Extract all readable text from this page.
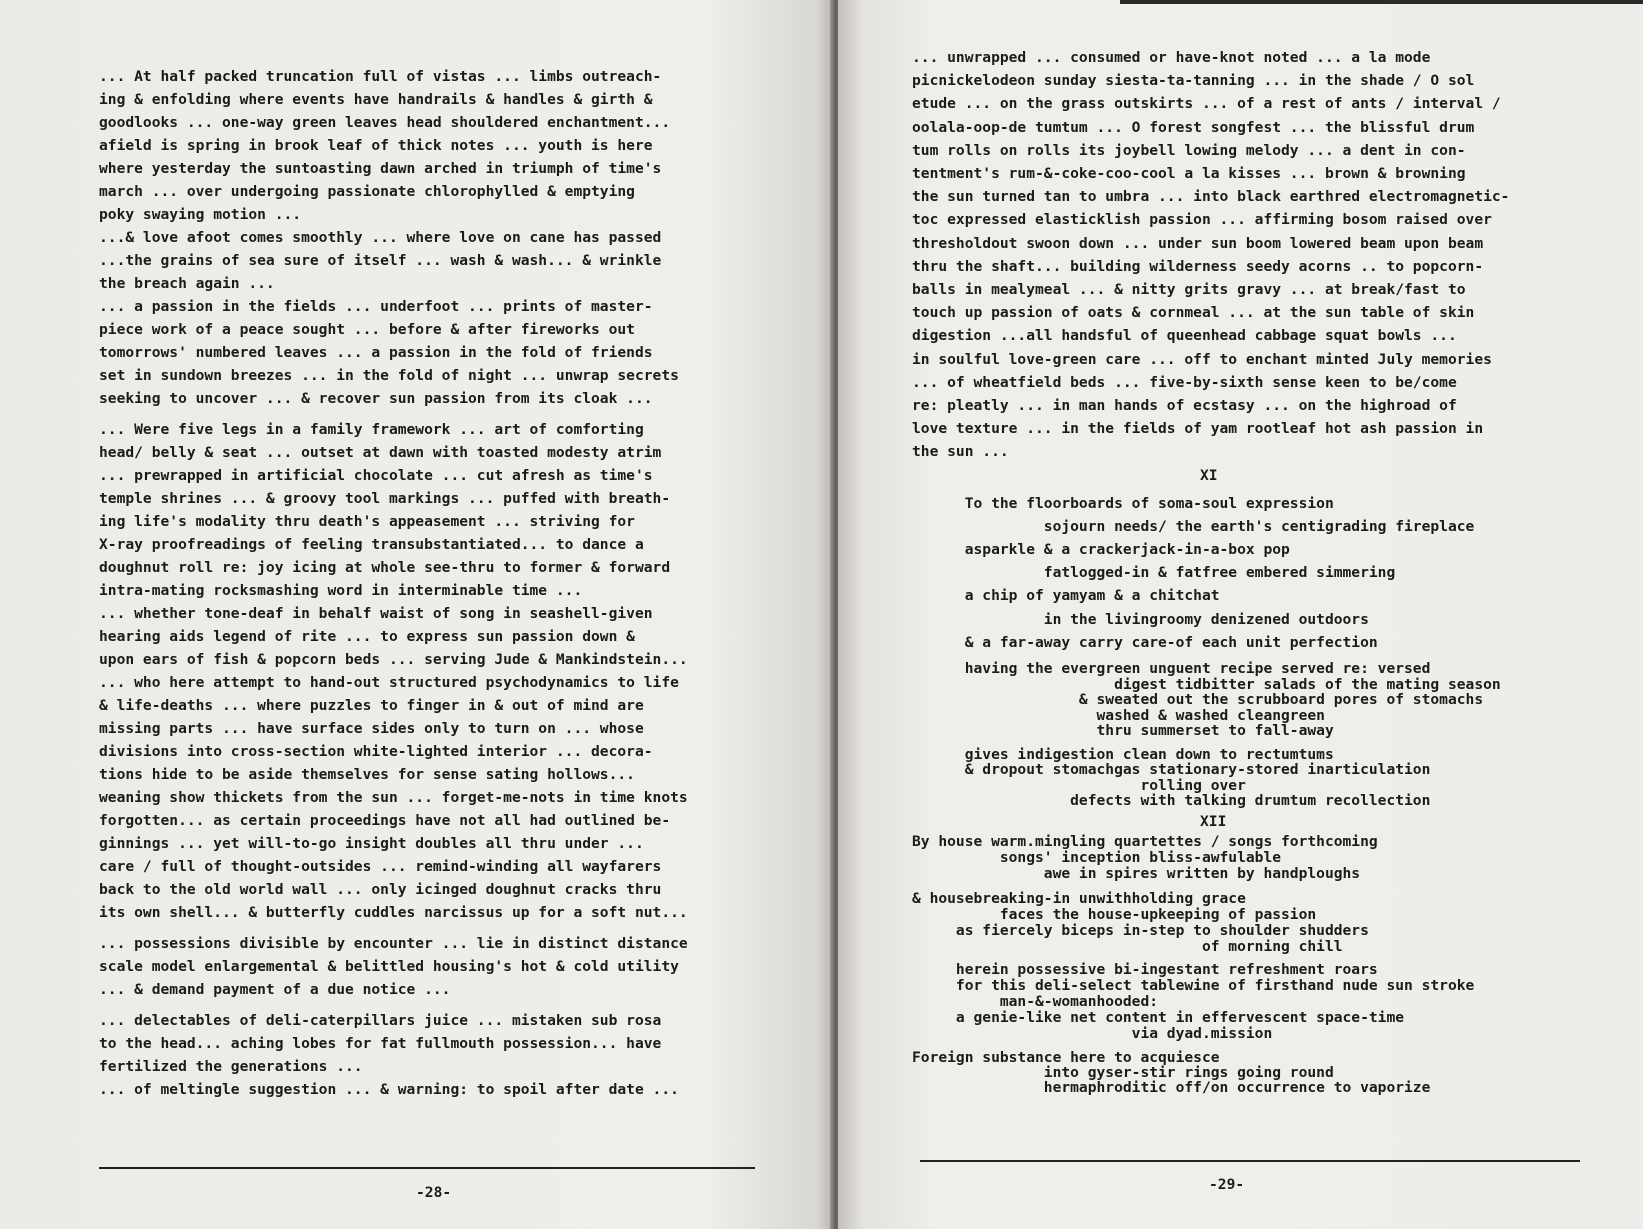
... At half packed truncation full of vistas ... limbs outreach-
ing & enfolding where events have handrails & handles & girth &
goodlooks ... one-way green leaves head shouldered enchantment...
afield is spring in brook leaf of thick notes ... youth is here
where yesterday the suntoasting dawn arched in triumph of time's
march ... over undergoing passionate chlorophylled & emptying
poky swaying motion ...
...& love afoot comes smoothly ... where love on cane has passed
...the grains of sea sure of itself ... wash & wash... & wrinkle
the breach again ...
... a passion in the fields ... underfoot ... prints of master-
piece work of a peace sought ... before & after fireworks out
tomorrows' numbered leaves ... a passion in the fold of friends
set in sundown breezes ... in the fold of night ... unwrap secrets
seeking to uncover ... & recover sun passion from its cloak ...
... Were five legs in a family framework ... art of comforting
head/ belly & seat ... outset at dawn with toasted modesty atrim
... prewrapped in artificial chocolate ... cut afresh as time's
temple shrines ... & groovy tool markings ... puffed with breath-
ing life's modality thru death's appeasement ... striving for
X-ray proofreadings of feeling transubstantiated... to dance a
doughnut roll re: joy icing at whole see-thru to former & forward
intra-mating rocksmashing word in interminable time ...
... whether tone-deaf in behalf waist of song in seashell-given
hearing aids legend of rite ... to express sun passion down &
upon ears of fish & popcorn beds ... serving Jude & Mankindstein...
... who here attempt to hand-out structured psychodynamics to life
& life-deaths ... where puzzles to finger in & out of mind are
missing parts ... have surface sides only to turn on ... whose
divisions into cross-section white-lighted interior ... decora-
tions hide to be aside themselves for sense sating hollows...
weaning show thickets from the sun ... forget-me-nots in time knots
forgotten... as certain proceedings have not all had outlined be-
ginnings ... yet will-to-go insight doubles all thru under ...
care / full of thought-outsides ... remind-winding all wayfarers
back to the old world wall ... only icinged doughnut cracks thru
its own shell... & butterfly cuddles narcissus up for a soft nut...
... possessions divisible by encounter ... lie in distinct distance
scale model enlargemental & belittled housing's hot & cold utility
... & demand payment of a due notice ...
... delectables of deli-caterpillars juice ... mistaken sub rosa
to the head... aching lobes for fat fullmouth possession... have
fertilized the generations ...
... of meltingle suggestion ... & warning: to spoil after date ...
-28-
... unwrapped ... consumed or have-knot noted ... a la mode
picnickelodeon sunday siesta-ta-tanning ... in the shade / O sol
etude ... on the grass outskirts ... of a rest of ants / interval /
oolala-oop-de tumtum ... O forest songfest ... the blissful drum
tum rolls on rolls its joybell lowing melody ... a dent in con-
tentment's rum-&-coke-coo-cool a la kisses ... brown & browning
the sun turned tan to umbra ... into black earthred electromagnetic-
toc expressed elasticklish passion ... affirming bosom raised over
thresholdout swoon down ... under sun boom lowered beam upon beam
thru the shaft... building wilderness seedy acorns .. to popcorn-
balls in mealymeal ... & nitty grits gravy ... at break/fast to
touch up passion of oats & cornmeal ... at the sun table of skin
digestion ...all handsful of queenhead cabbage squat bowls ...
in soulful love-green care ... off to enchant minted July memories
... of wheatfield beds ... five-by-sixth sense keen to be/come
re: pleatly ... in man hands of ecstasy ... on the highroad of
love texture ... in the fields of yam rootleaf hot ash passion in
the sun ...
XI
To the floorboards of soma-soul expression
sojourn needs/ the earth's centigrading fireplace
asparkle & a crackerjack-in-a-box pop
fatlogged-in & fatfree embered simmering
a chip of yamyam & a chitchat
in the livingroomy denizened outdoors
& a far-away carry care-of each unit perfection
having the evergreen unguent recipe served re: versed
digest tidbitter salads of the mating season
& sweated out the scrubboard pores of stomachs
washed & washed cleangreen
thru summerset to fall-away
gives indigestion clean down to rectumtums
& dropout stomachgas stationary-stored inarticulation
rolling over
defects with talking drumtum recollection
XII
By house warm.mingling quartettes / songs forthcoming
songs' inception bliss-awfulable
awe in spires written by handploughs
& housebreaking-in unwithholding grace
faces the house-upkeeping of passion
as fiercely biceps in-step to shoulder shudders
of morning chill
herein possessive bi-ingestant refreshment roars
for this deli-select tablewine of firsthand nude sun stroke
man-&-womanhooded:
a genie-like net content in effervescent space-time
via dyad.mission
Foreign substance here to acquiesce
into gyser-stir rings going round
hermaphroditic off/on occurrence to vaporize
-29-
